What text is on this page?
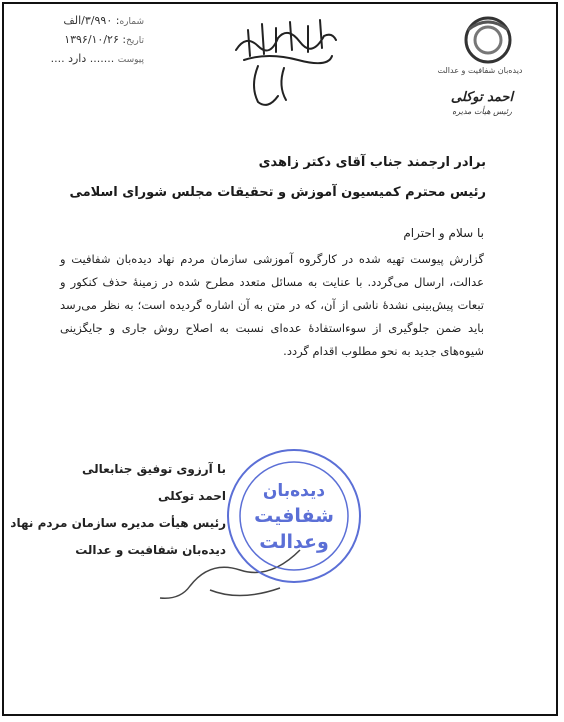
شماره: ۳/۹۹۰/الف
تاریخ: ۱۳۹۶/۱۰/۲۶
پیوست ....... دارد ....
دیده‌بان شفافیت و عدالت
احمد توکلی
رئیس هیأت مدیره
برادر ارجمند جناب آقای دکتر زاهدی
رئیس محترم کمیسیون آموزش و تحقیقات مجلس شورای اسلامی
با سلام و احترام
گزارش پیوست تهیه شده در کارگروه آموزشی سازمان مردم نهاد دیده‌بان شفافیت و عدالت، ارسال می‌گردد. با عنایت به مسائل متعدد مطرح شده در زمینهٔ حذف کنکور و تبعات پیش‌بینی نشدهٔ ناشی از آن، که در متن به آن اشاره گردیده است؛ به نظر می‌رسد باید ضمن جلوگیری از سوءاستفادهٔ عده‌ای نسبت به اصلاح روش جاری و جایگزینی شیوه‌های جدید به نحو مطلوب اقدام گردد.
دیده‌بان
شفافیت
وعدالت
با آرزوی توفیق جنابعالی
احمد توکلی
رئیس هیأت مدیره سازمان مردم نهاد
دیده‌بان شفافیت و عدالت
